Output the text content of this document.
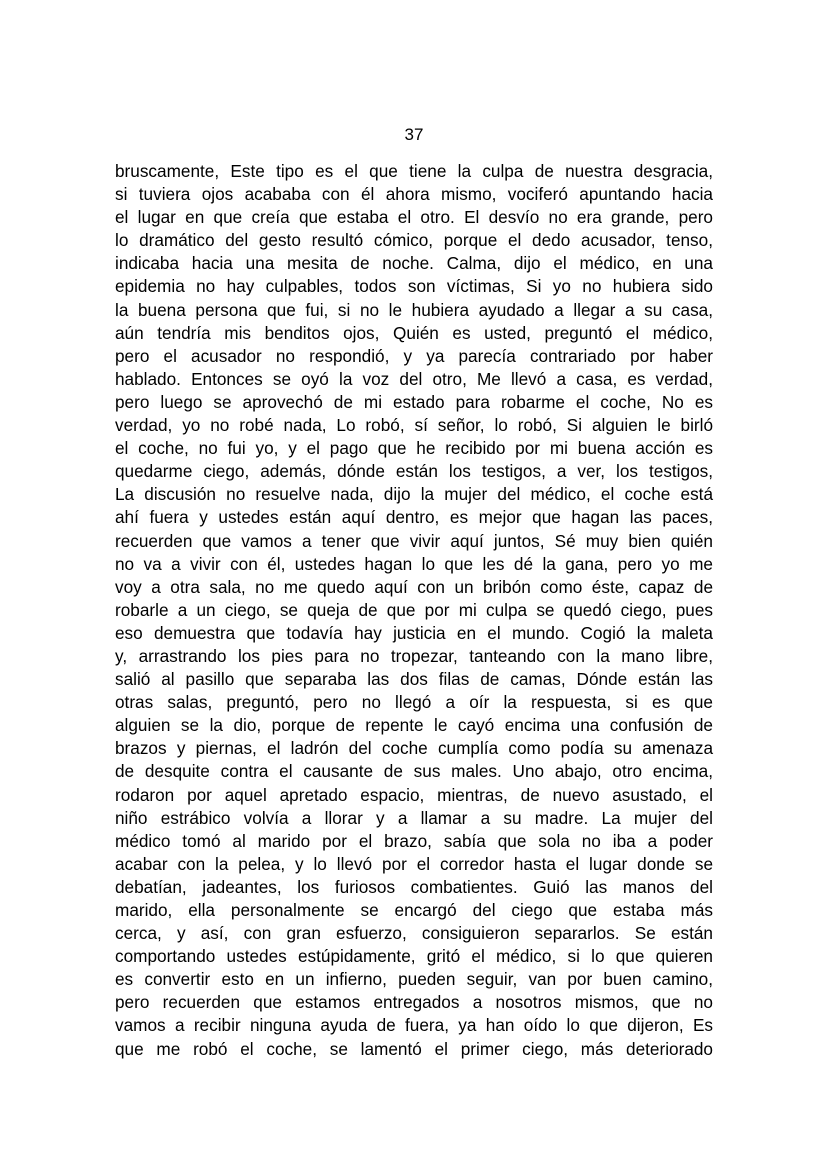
37
bruscamente, Este tipo es el que tiene la culpa de nuestra desgracia,
si tuviera ojos acababa con él ahora mismo, vociferó apuntando hacia
el lugar en que creía que estaba el otro. El desvío no era grande, pero
lo dramático del gesto resultó cómico, porque el dedo acusador, tenso,
indicaba hacia una mesita de noche. Calma, dijo el médico, en una
epidemia no hay culpables, todos son víctimas, Si yo no hubiera sido
la buena persona que fui, si no le hubiera ayudado a llegar a su casa,
aún tendría mis benditos ojos, Quién es usted, preguntó el médico,
pero el acusador no respondió, y ya parecía contrariado por haber
hablado. Entonces se oyó la voz del otro, Me llevó a casa, es verdad,
pero luego se aprovechó de mi estado para robarme el coche, No es
verdad, yo no robé nada, Lo robó, sí señor, lo robó, Si alguien le birló
el coche, no fui yo, y el pago que he recibido por mi buena acción es
quedarme ciego, además, dónde están los testigos, a ver, los testigos,
La discusión no resuelve nada, dijo la mujer del médico, el coche está
ahí fuera y ustedes están aquí dentro, es mejor que hagan las paces,
recuerden que vamos a tener que vivir aquí juntos, Sé muy bien quién
no va a vivir con él, ustedes hagan lo que les dé la gana, pero yo me
voy a otra sala, no me quedo aquí con un bribón como éste, capaz de
robarle a un ciego, se queja de que por mi culpa se quedó ciego, pues
eso demuestra que todavía hay justicia en el mundo. Cogió la maleta
y, arrastrando los pies para no tropezar, tanteando con la mano libre,
salió al pasillo que separaba las dos filas de camas, Dónde están las
otras salas, preguntó, pero no llegó a oír la respuesta, si es que
alguien se la dio, porque de repente le cayó encima una confusión de
brazos y piernas, el ladrón del coche cumplía como podía su amenaza
de desquite contra el causante de sus males. Uno abajo, otro encima,
rodaron por aquel apretado espacio, mientras, de nuevo asustado, el
niño estrábico volvía a llorar y a llamar a su madre. La mujer del
médico tomó al marido por el brazo, sabía que sola no iba a poder
acabar con la pelea, y lo llevó por el corredor hasta el lugar donde se
debatían, jadeantes, los furiosos combatientes. Guió las manos del
marido, ella personalmente se encargó del ciego que estaba más
cerca, y así, con gran esfuerzo, consiguieron separarlos. Se están
comportando ustedes estúpidamente, gritó el médico, si lo que quieren
es convertir esto en un infierno, pueden seguir, van por buen camino,
pero recuerden que estamos entregados a nosotros mismos, que no
vamos a recibir ninguna ayuda de fuera, ya han oído lo que dijeron, Es
que me robó el coche, se lamentó el primer ciego, más deteriorado
